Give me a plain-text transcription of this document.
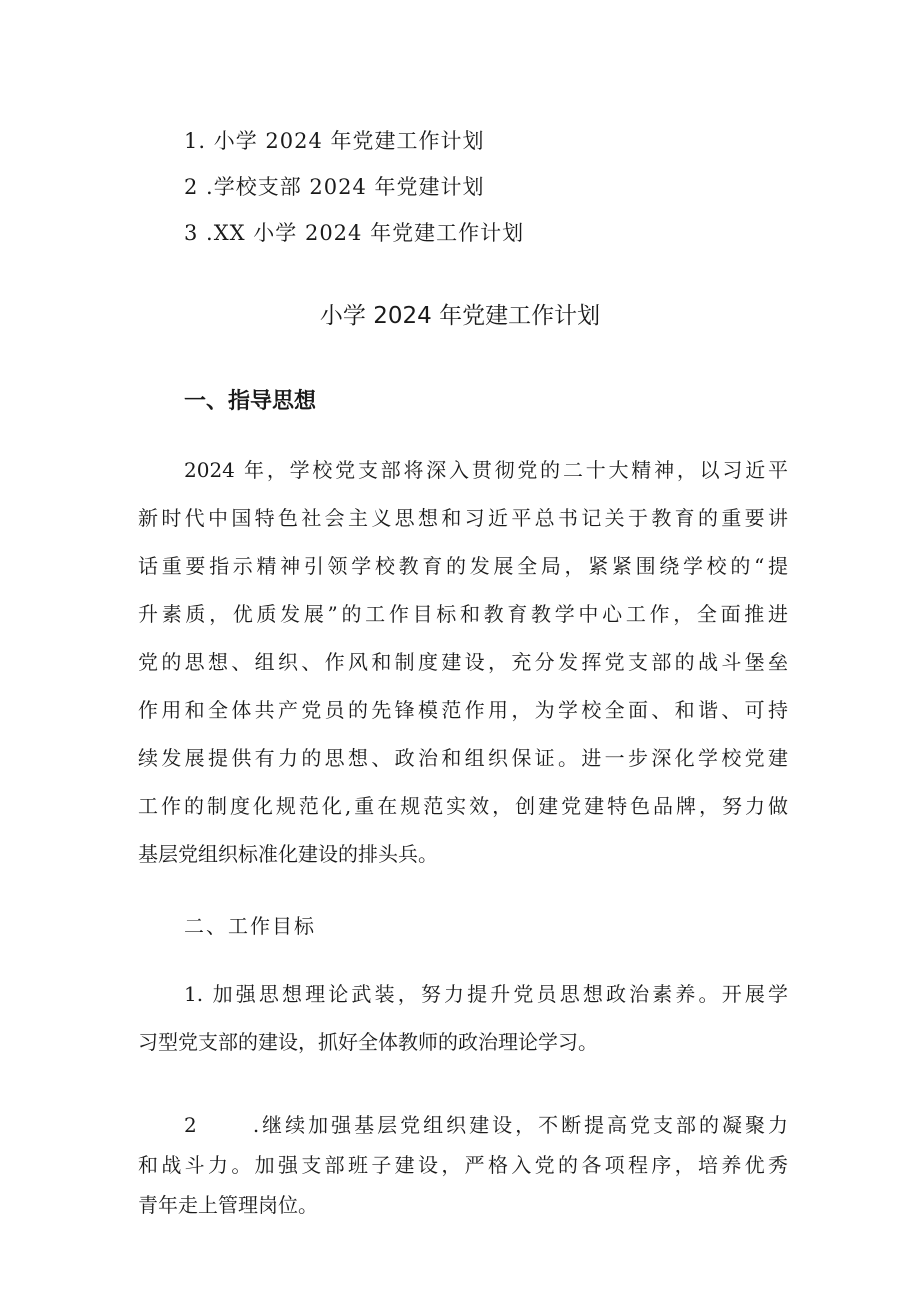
1. 小学 2024 年党建工作计划
2 .学校支部 2024 年党建计划
3 .XX 小学 2024 年党建工作计划
小学 2024 年党建工作计划
一、指导思想
2024 年，学校党支部将深入贯彻党的二十大精神，以习近平
新时代中国特色社会主义思想和习近平总书记关于教育的重要讲
话重要指示精神引领学校教育的发展全局，紧紧围绕学校的“提
升素质，优质发展”的工作目标和教育教学中心工作，全面推进
党的思想、组织、作风和制度建设，充分发挥党支部的战斗堡垒
作用和全体共产党员的先锋模范作用，为学校全面、和谐、可持
续发展提供有力的思想、政治和组织保证。进一步深化学校党建
工作的制度化规范化,重在规范实效，创建党建特色品牌，努力做
基层党组织标准化建设的排头兵。
二、工作目标
1. 加强思想理论武装，努力提升党员思想政治素养。开展学
习型党支部的建设，抓好全体教师的政治理论学习。
2      .继续加强基层党组织建设，不断提高党支部的凝聚力
和战斗力。加强支部班子建设，严格入党的各项程序，培养优秀
青年走上管理岗位。
